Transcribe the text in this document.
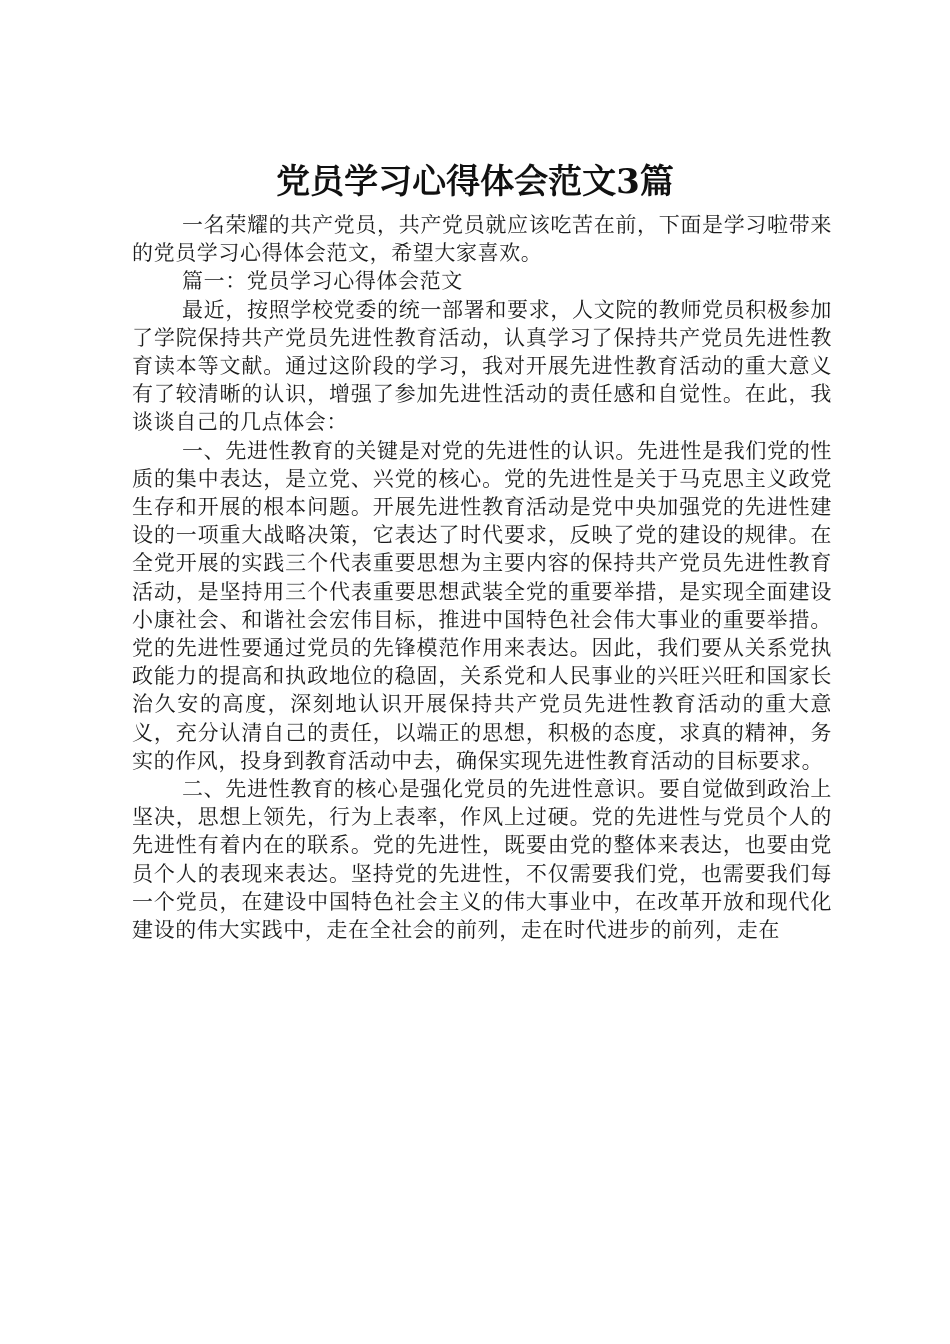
党员学习心得体会范文3篇

一名荣耀的共产党员，共产党员就应该吃苦在前，下面是学习啦带来的党员学习心得体会范文，希望大家喜欢。

篇一：党员学习心得体会范文

最近，按照学校党委的统一部署和要求，人文院的教师党员积极参加了学院保持共产党员先进性教育活动，认真学习了保持共产党员先进性教育读本等文献。通过这阶段的学习，我对开展先进性教育活动的重大意义有了较清晰的认识，增强了参加先进性活动的责任感和自觉性。在此，我谈谈自己的几点体会：

一、先进性教育的关键是对党的先进性的认识。先进性是我们党的性质的集中表达，是立党、兴党的核心。党的先进性是关于马克思主义政党生存和开展的根本问题。开展先进性教育活动是党中央加强党的先进性建设的一项重大战略决策，它表达了时代要求，反映了党的建设的规律。在全党开展的实践三个代表重要思想为主要内容的保持共产党员先进性教育活动，是坚持用三个代表重要思想武装全党的重要举措，是实现全面建设小康社会、和谐社会宏伟目标，推进中国特色社会伟大事业的重要举措。党的先进性要通过党员的先锋模范作用来表达。因此，我们要从关系党执政能力的提高和执政地位的稳固，关系党和人民事业的兴旺兴旺和国家长治久安的高度，深刻地认识开展保持共产党员先进性教育活动的重大意义，充分认清自己的责任，以端正的思想，积极的态度，求真的精神，务实的作风，投身到教育活动中去，确保实现先进性教育活动的目标要求。

二、先进性教育的核心是强化党员的先进性意识。要自觉做到政治上坚决，思想上领先，行为上表率，作风上过硬。党的先进性与党员个人的先进性有着内在的联系。党的先进性，既要由党的整体来表达，也要由党员个人的表现来表达。坚持党的先进性，不仅需要我们党，也需要我们每一个党员，在建设中国特色社会主义的伟大事业中，在改革开放和现代化建设的伟大实践中，走在全社会的前列，走在时代进步的前列，走在
